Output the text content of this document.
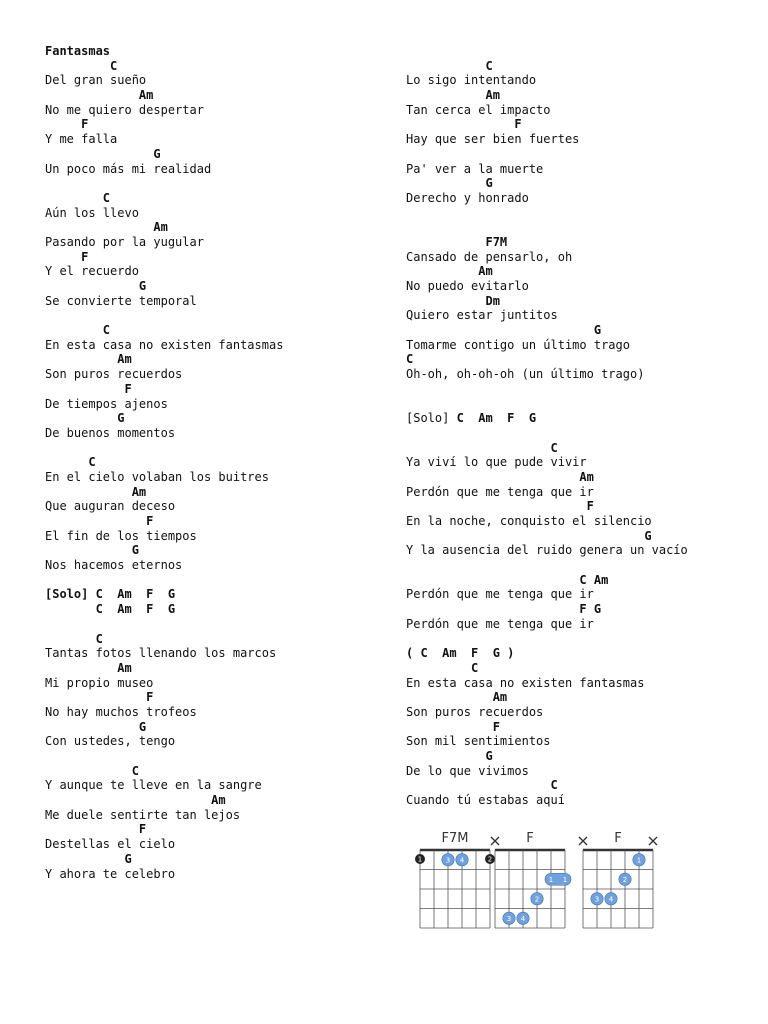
Fantasmas
C
Del gran sueño
Am
No me quiero despertar
F
Y me falla
G
Un poco más mi realidad
C
Aún los llevo
Am
Pasando por la yugular
F
Y el recuerdo
G
Se convierte temporal
C
En esta casa no existen fantasmas
Am
Son puros recuerdos
F
De tiempos ajenos
G
De buenos momentos
C
En el cielo volaban los buitres
Am
Que auguran deceso
F
El fin de los tiempos
G
Nos hacemos eternos
[Solo] C  Am  F  G
C  Am  F  G
C
Tantas fotos llenando los marcos
Am
Mi propio museo
F
No hay muchos trofeos
G
Con ustedes, tengo
C
Y aunque te lleve en la sangre
Am
Me duele sentirte tan lejos
F
Destellas el cielo
G
Y ahora te celebro
C
Lo sigo intentando
Am
Tan cerca el impacto
F
Hay que ser bien fuertes
Pa' ver a la muerte
G
Derecho y honrado
F7M
Cansado de pensarlo, oh
Am
No puedo evitarlo
Dm
Quiero estar juntitos
G
Tomarme contigo un último trago
C
Oh-oh, oh-oh-oh (un último trago)
[Solo] C  Am  F  G
C
Ya viví lo que pude vivir
Am
Perdón que me tenga que ir
F
En la noche, conquisto el silencio
G
Y la ausencia del ruido genera un vacío
C Am
Perdón que me tenga que ir
F G
Perdón que me tenga que ir
( C  Am  F  G )
C
En esta casa no existen fantasmas
Am
Son puros recuerdos
F
Son mil sentimientos
G
De lo que vivimos
C
Cuando tú estabas aquí
F7M
1	2
3 4
F
1 1
2
3 4
F
1
2
3 4
